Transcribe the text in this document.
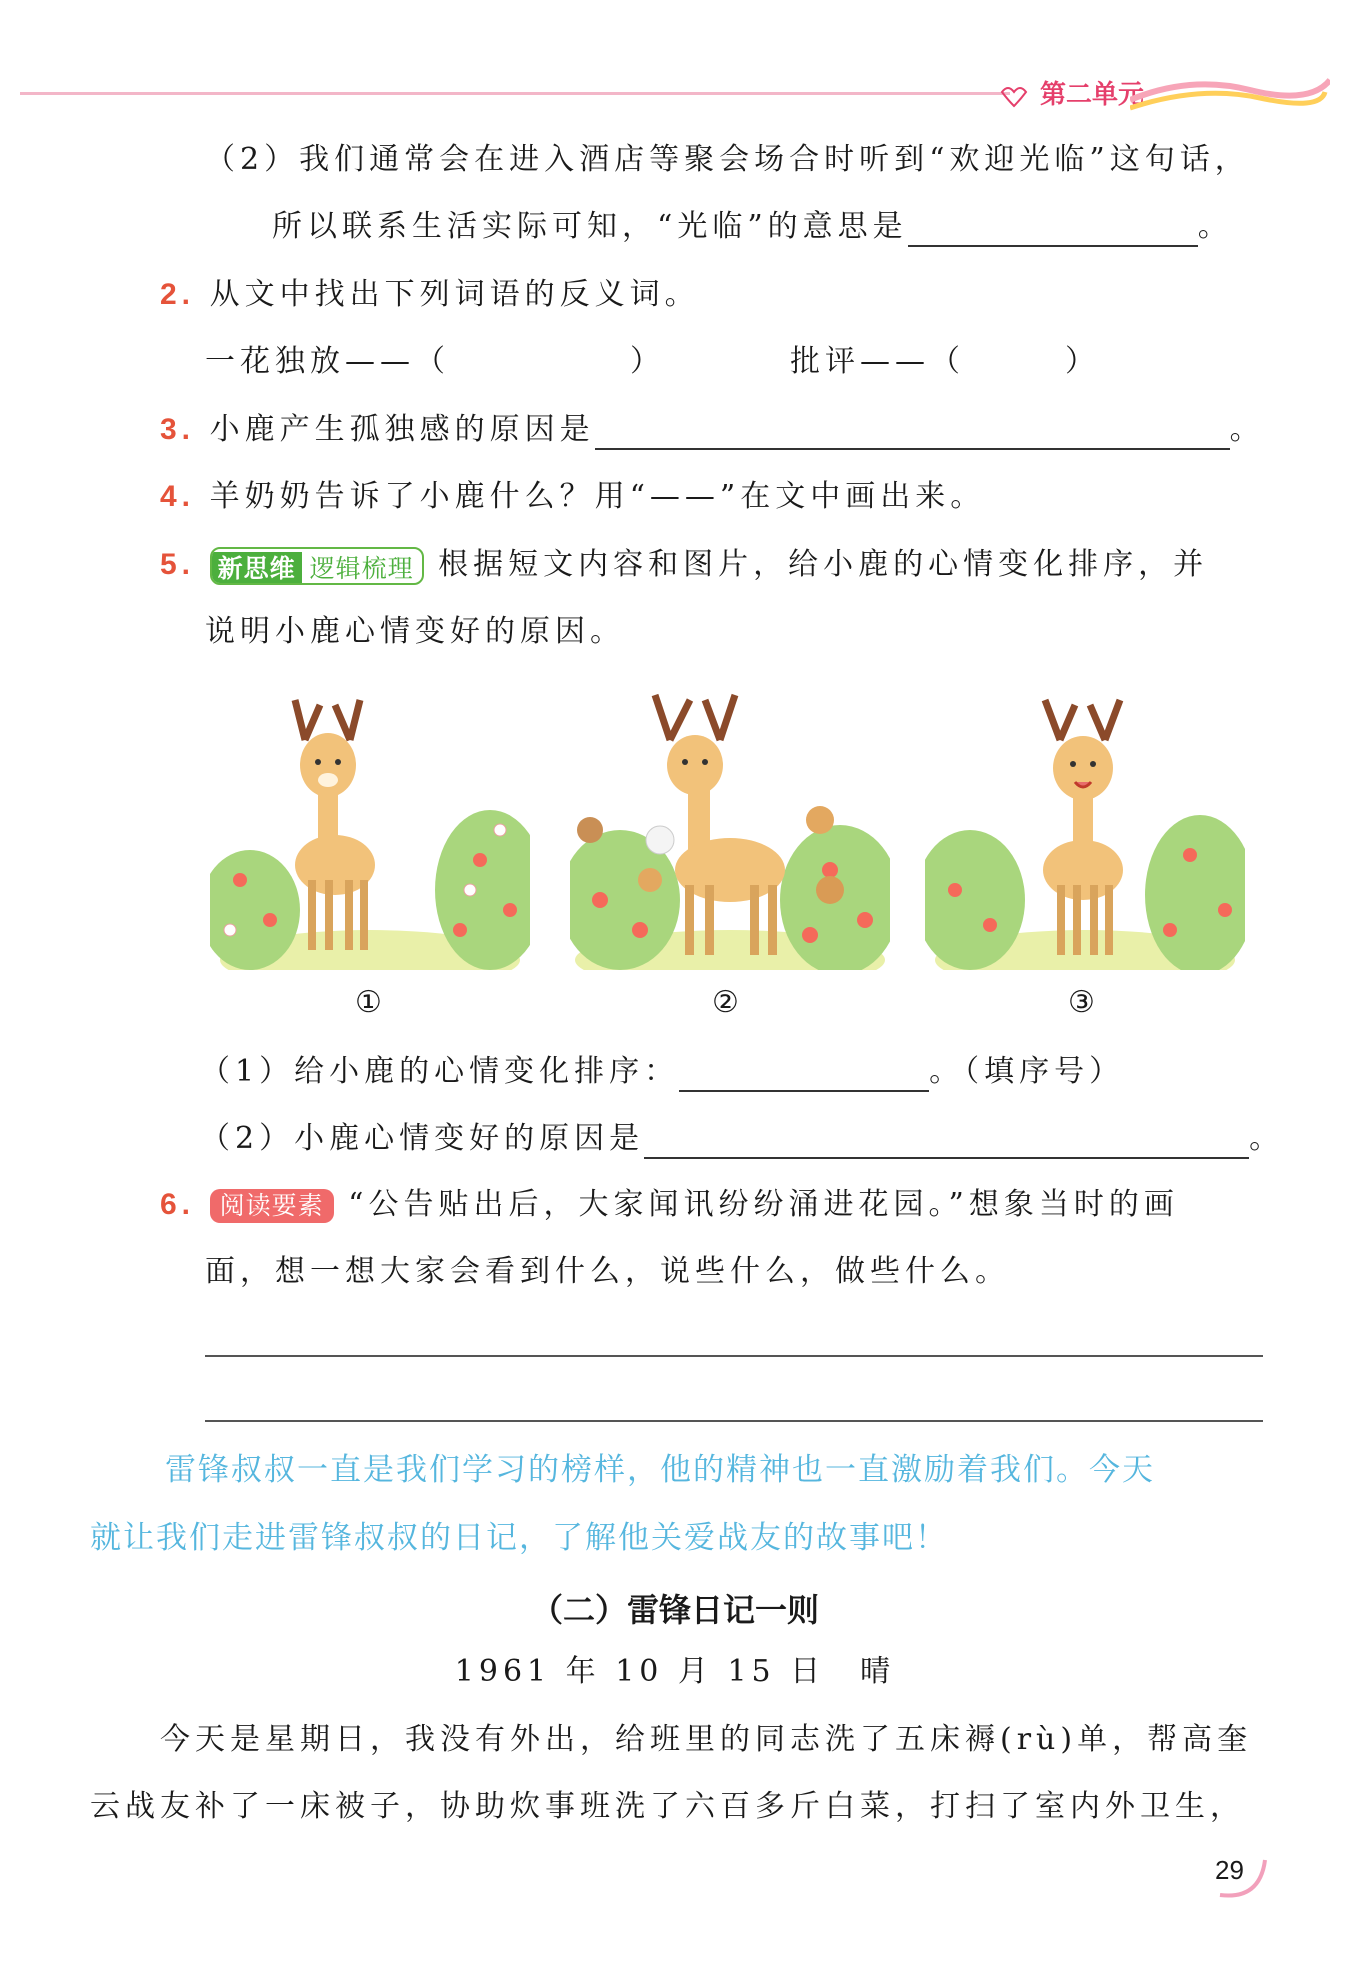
第二单元
（2）我们通常会在进入酒店等聚会场合时听到“欢迎光临”这句话，
所以联系生活实际可知，“光临”的意思是	。
2. 从文中找出下列词语的反义词。
一花独放——（	）	批评——（	）
3. 小鹿产生孤独感的原因是	。
4. 羊奶奶告诉了小鹿什么？用“——”在文中画出来。
5. 新思维 逻辑梳理 根据短文内容和图片，给小鹿的心情变化排序，并
说明小鹿心情变好的原因。
①	②	③
（1）给小鹿的心情变化排序：	。（填序号）
（2）小鹿心情变好的原因是	。
6. 阅读要素 “公告贴出后，大家闻讯纷纷涌进花园。”想象当时的画
面，想一想大家会看到什么，说些什么，做些什么。
雷锋叔叔一直是我们学习的榜样，他的精神也一直激励着我们。今天
就让我们走进雷锋叔叔的日记，了解他关爱战友的故事吧！
（二）雷锋日记一则
1961 年 10 月 15 日　晴
今天是星期日，我没有外出，给班里的同志洗了五床褥(rù)单，帮高奎
云战友补了一床被子，协助炊事班洗了六百多斤白菜，打扫了室内外卫生，
29
